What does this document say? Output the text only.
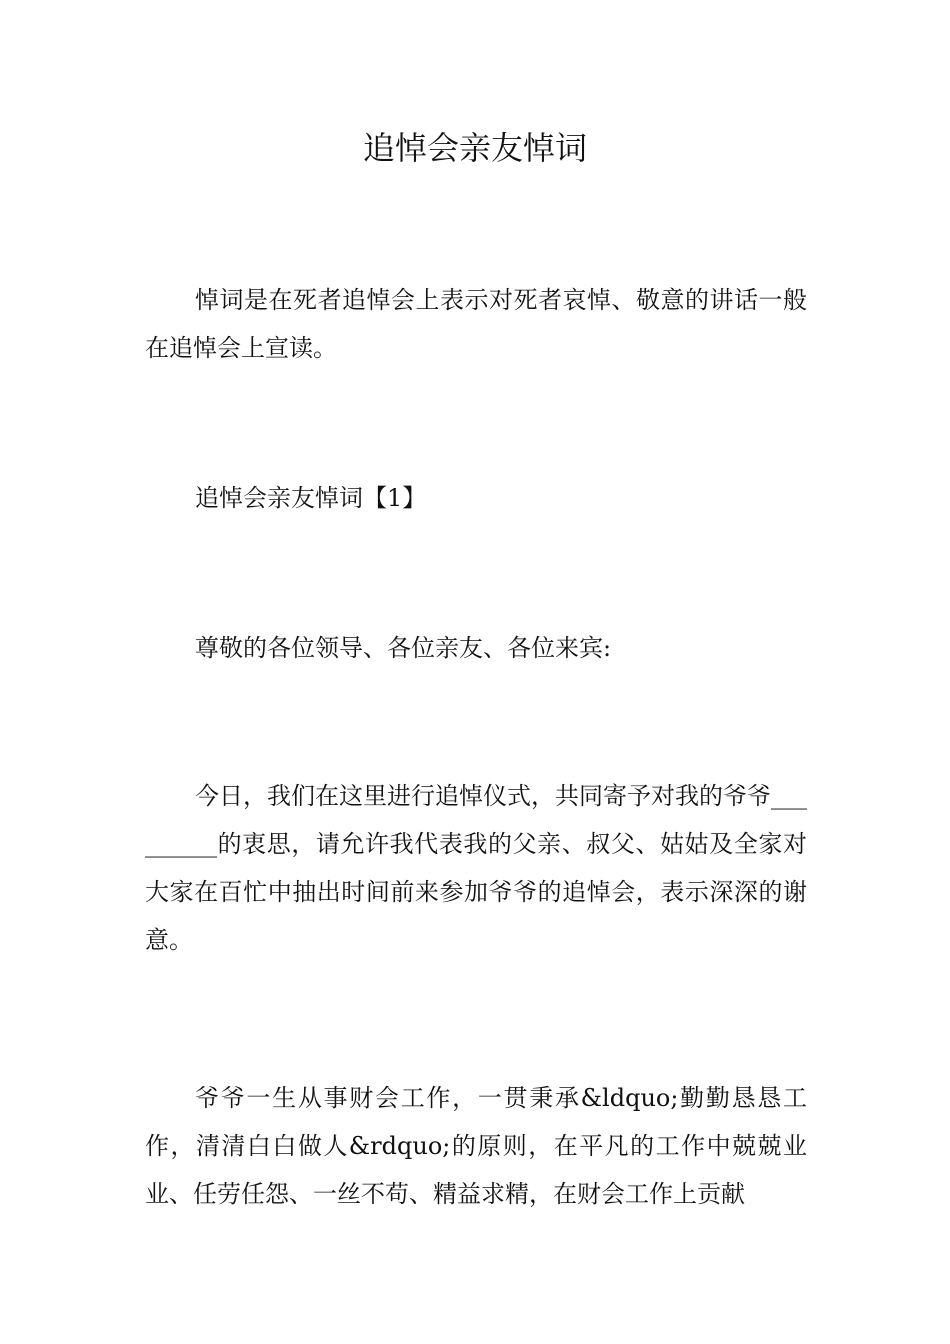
追悼会亲友悼词

悼词是在死者追悼会上表示对死者哀悼、敬意的讲话一般在追悼会上宣读。

追悼会亲友悼词【1】

尊敬的各位领导、各位亲友、各位来宾:

今日，我们在这里进行追悼仪式，共同寄予对我的爷爷_________的衷思，请允许我代表我的父亲、叔父、姑姑及全家对大家在百忙中抽出时间前来参加爷爷的追悼会，表示深深的谢意。

爷爷一生从事财会工作，一贯秉承&ldquo;勤勤恳恳工作，清清白白做人&rdquo;的原则，在平凡的工作中兢兢业业、任劳任怨、一丝不苟、精益求精，在财会工作上贡献
